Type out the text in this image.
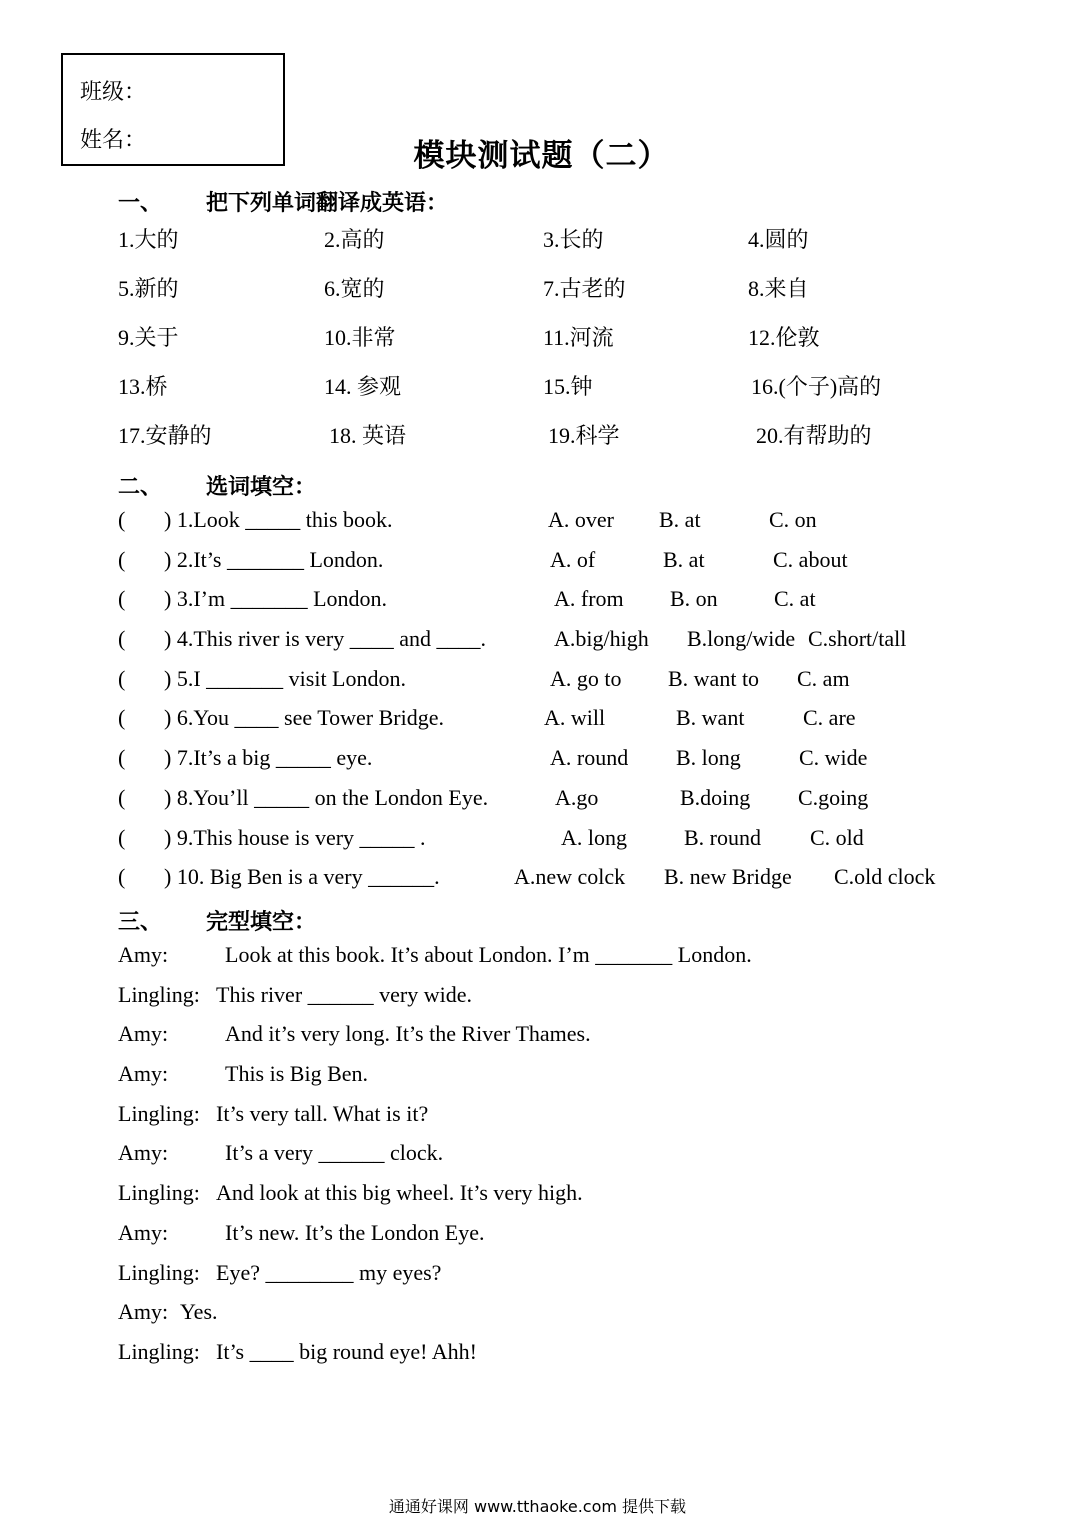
班级：
姓名：	模块测试题（二）
一、 把下列单词翻译成英语：
1.大的	2.高的	3.长的	4.圆的
5.新的	6.宽的	7.古老的	8.来自
9.关于	10.非常	11.河流	12.伦敦
13.桥	14. 参观	15.钟	16.(个子)高的
17.安静的	18. 英语	19.科学	20.有帮助的
二、 选词填空：
( ) 1.Look _____ this book.	A. over B. at	C. on
( ) 2.It’s _______ London.	A. of	B. at	C. about
( ) 3.I’m _______ London.	A. from B. on	C. at
( ) 4.This river is very ____ and ____.	A.big/high B.long/wide C.short/tall
( ) 5.I _______ visit London.	A. go to B. want to C. am
( ) 6.You ____ see Tower Bridge.	A. will	B. want	C. are
( ) 7.It’s a big _____ eye.	A. round B. long	C. wide
( ) 8.You’ll _____ on the London Eye.	A.go	B.doing C.going
( ) 9.This house is very _____ .	A. long	B. round C. old
( ) 10. Big Ben is a very ______.	A.new colck B. new Bridge C.old clock
三、 完型填空：
Amy:	Look at this book. It’s about London. I’m _______ London.
Lingling: This river ______ very wide.
Amy:	And it’s very long. It’s the River Thames.
Amy:	This is Big Ben.
Lingling: It’s very tall. What is it?
Amy:	It’s a very ______ clock.
Lingling: And look at this big wheel. It’s very high.
Amy:	It’s new. It’s the London Eye.
Lingling: Eye? ________ my eyes?
Amy: Yes.
Lingling: It’s ____ big round eye! Ahh!
通通好课网 www.tthaoke.com 提供下载
